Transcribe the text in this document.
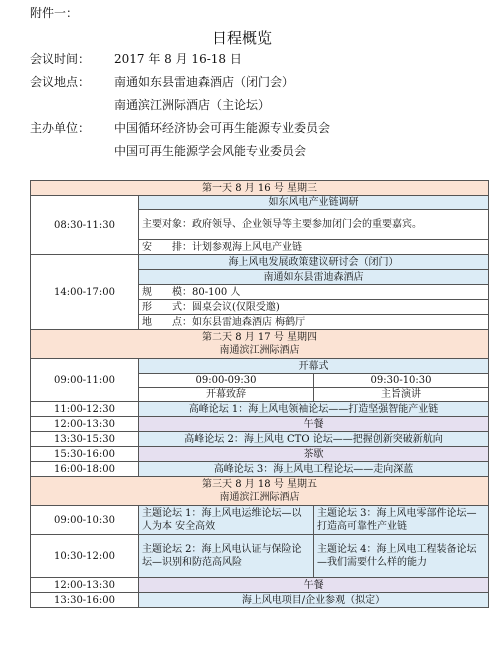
附件一：
日程概览
会议时间： 2017 年 8 月 16-18 日
会议地点： 南通如东县雷迪森酒店（闭门会）
南通滨江洲际酒店（主论坛）
主办单位： 中国循环经济协会可再生能源专业委员会
中国可再生能源学会风能专业委员会
第一天 8 月 16 号 星期三		
08:30-11:30	如东风电产业链调研	
	主要对象：政府领导、企业领导等主要参加闭门会的重要嘉宾。	
	安　　排：计划参观海上风电产业链	
14:00-17:00	海上风电发展政策建议研讨会（闭门）	
	南通如东县雷迪森酒店	
	规　　模：80-100 人	
	形　　式：圆桌会议(仅限受邀)	
	地　　点：如东县雷迪森酒店 梅鹤厅	

第二天 8 月 17 号 星期四
南通滨江洲际酒店		

09:00-11:00	开幕式	
	09:00-09:30	09:30-10:30
	开幕致辞	主旨演讲
11:00-12:30	高峰论坛 1：海上风电领袖论坛——打造坚强智能产业链	
12:00-13:30	午餐	
13:30-15:30	高峰论坛 2：海上风电 CTO 论坛——把握创新突破新航向	
15:30-16:00	茶歇	
16:00-18:00	高峰论坛 3：海上风电工程论坛——走向深蓝	

第三天 8 月 18 号 星期五
南通滨江洲际酒店		

09:00-10:30	主题论坛 1：海上风电运维论坛—以人为本 安全高效	主题论坛 3：海上风电零部件论坛—打造高可靠性产业链
10:30-12:00	主题论坛 2：海上风电认证与保险论坛—识别和防范高风险	主题论坛 4：海上风电工程装备论坛—我们需要什么样的能力
12:00-13:30	午餐	
13:30-16:00	海上风电项目/企业参观（拟定）	
